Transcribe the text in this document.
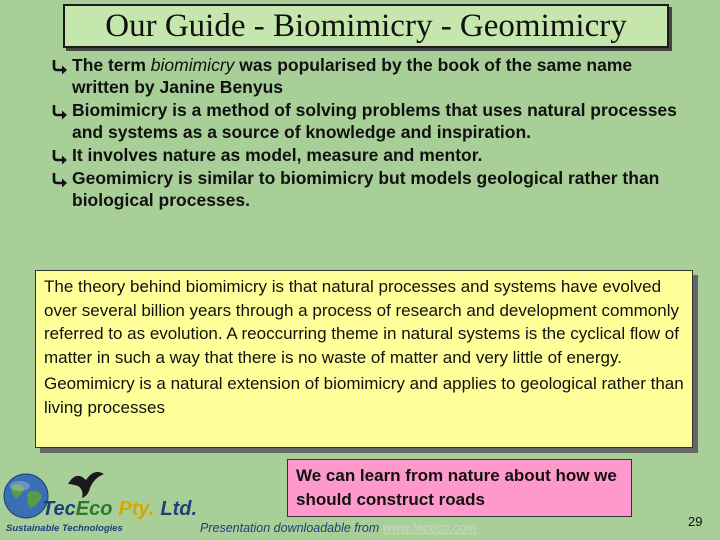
Our Guide - Biomimicry - Geomimicry
The term biomimicry was popularised by the book of the same name written by Janine Benyus
Biomimicry is a method of solving problems that uses natural processes and systems as a source of knowledge and inspiration.
It involves nature as model, measure and mentor.
Geomimicry is similar to biomimicry but models geological rather than biological processes.

The theory behind biomimicry is that natural processes and systems have evolved over several billion years through a process of research and development commonly referred to as evolution. A reoccurring theme in natural systems is the cyclical flow of matter in such a way that there is no waste of matter and very little of energy.

Geomimicry is a natural extension of biomimicry and applies to geological rather than living processes

We can learn from nature about how we should construct roads

TecEco Pty. Ltd.
Sustainable Technologies	Presentation downloadable from www.tececo.com	29
